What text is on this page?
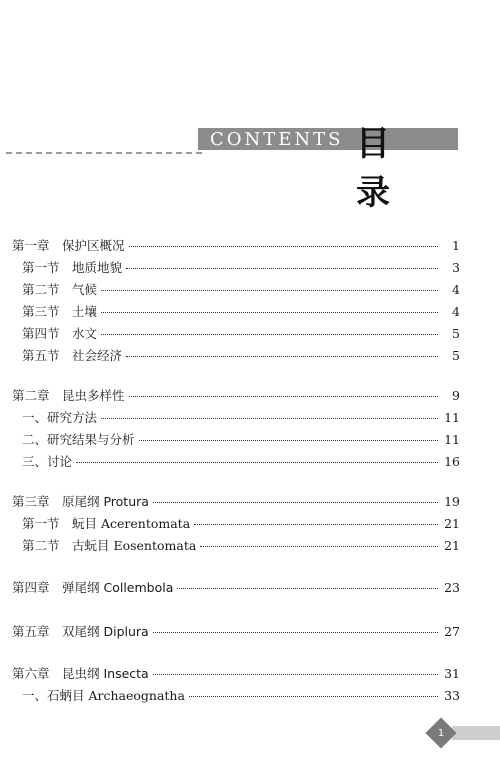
CONTENTS 目录
第一章　保护区概况	1
第一节　地质地貌	3
第二节　气候	4
第三节　土壤	4
第四节　水文	5
第五节　社会经济	5
第二章　昆虫多样性	9
一、研究方法	11
二、研究结果与分析	11
三、讨论	16
第三章　原尾纲 Protura	19
第一节　蚖目 Acerentomata	21
第二节　古蚖目 Eosentomata	21
第四章　弹尾纲 Collembola	23
第五章　双尾纲 Diplura	27
第六章　昆虫纲 Insecta	31
一、石蛃目 Archaeognatha	33
1
